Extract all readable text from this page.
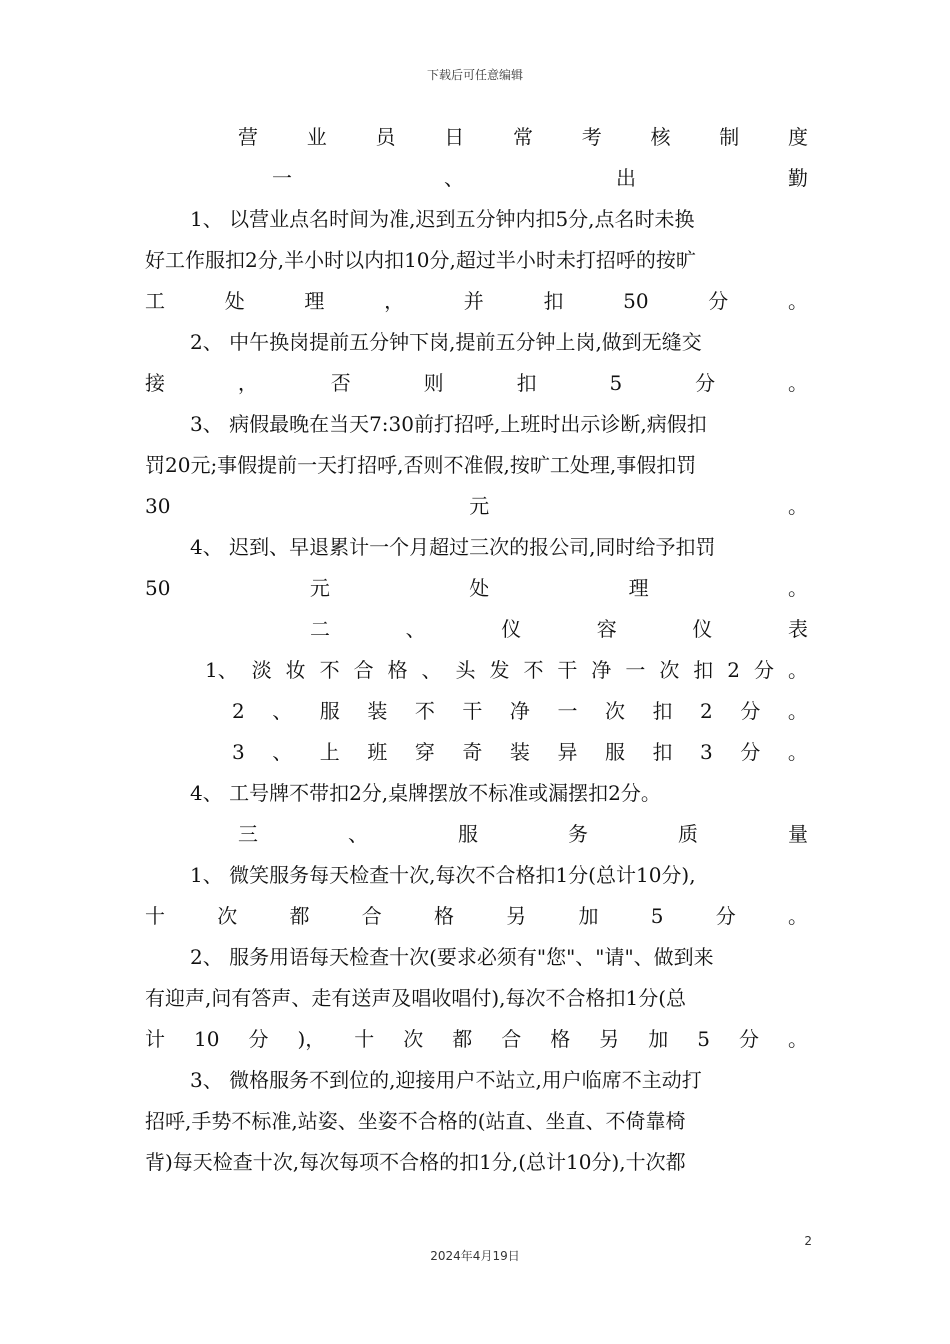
下载后可任意编辑
营 业 员 日 常 考 核 制 度
一	、	出	勤
1、 以营业点名时间为准,迟到五分钟内扣5分,点名时未换
好工作服扣2分,半小时以内扣10分,超过半小时未打招呼的按旷
工	处	理	，	并	扣	50	分	。
2、 中午换岗提前五分钟下岗,提前五分钟上岗,做到无缝交
接	，	否	则	扣	5	分	。
3、 病假最晚在当天7:30前打招呼,上班时出示诊断,病假扣
罚20元;事假提前一天打招呼,否则不准假,按旷工处理,事假扣罚
30	元	。
4、 迟到、早退累计一个月超过三次的报公司,同时给予扣罚
50	元	处	理	。
二	、	仪	容	仪	表
1、 淡 妆 不 合 格 、 头 发 不 干 净 一 次 扣 2 分 。
2 、 服 装 不 干 净 一 次 扣 2 分 。
3 、 上 班 穿 奇 装 异 服 扣 3 分 。
4、 工号牌不带扣2分,桌牌摆放不标准或漏摆扣2分。
三	、	服	务	质	量
1、 微笑服务每天检查十次,每次不合格扣1分(总计10分),
十	次	都	合	格	另	加	5	分	。
2、 服务用语每天检查十次(要求必须有"您"、"请"、做到来
有迎声,问有答声、走有送声及唱收唱付),每次不合格扣1分(总
计 10 分 )， 十 次 都 合 格 另 加 5 分 。
3、 微格服务不到位的,迎接用户不站立,用户临席不主动打
招呼,手势不标准,站姿、坐姿不合格的(站直、坐直、不倚靠椅
背)每天检查十次,每次每项不合格的扣1分,(总计10分),十次都
2
2024年4月19日
